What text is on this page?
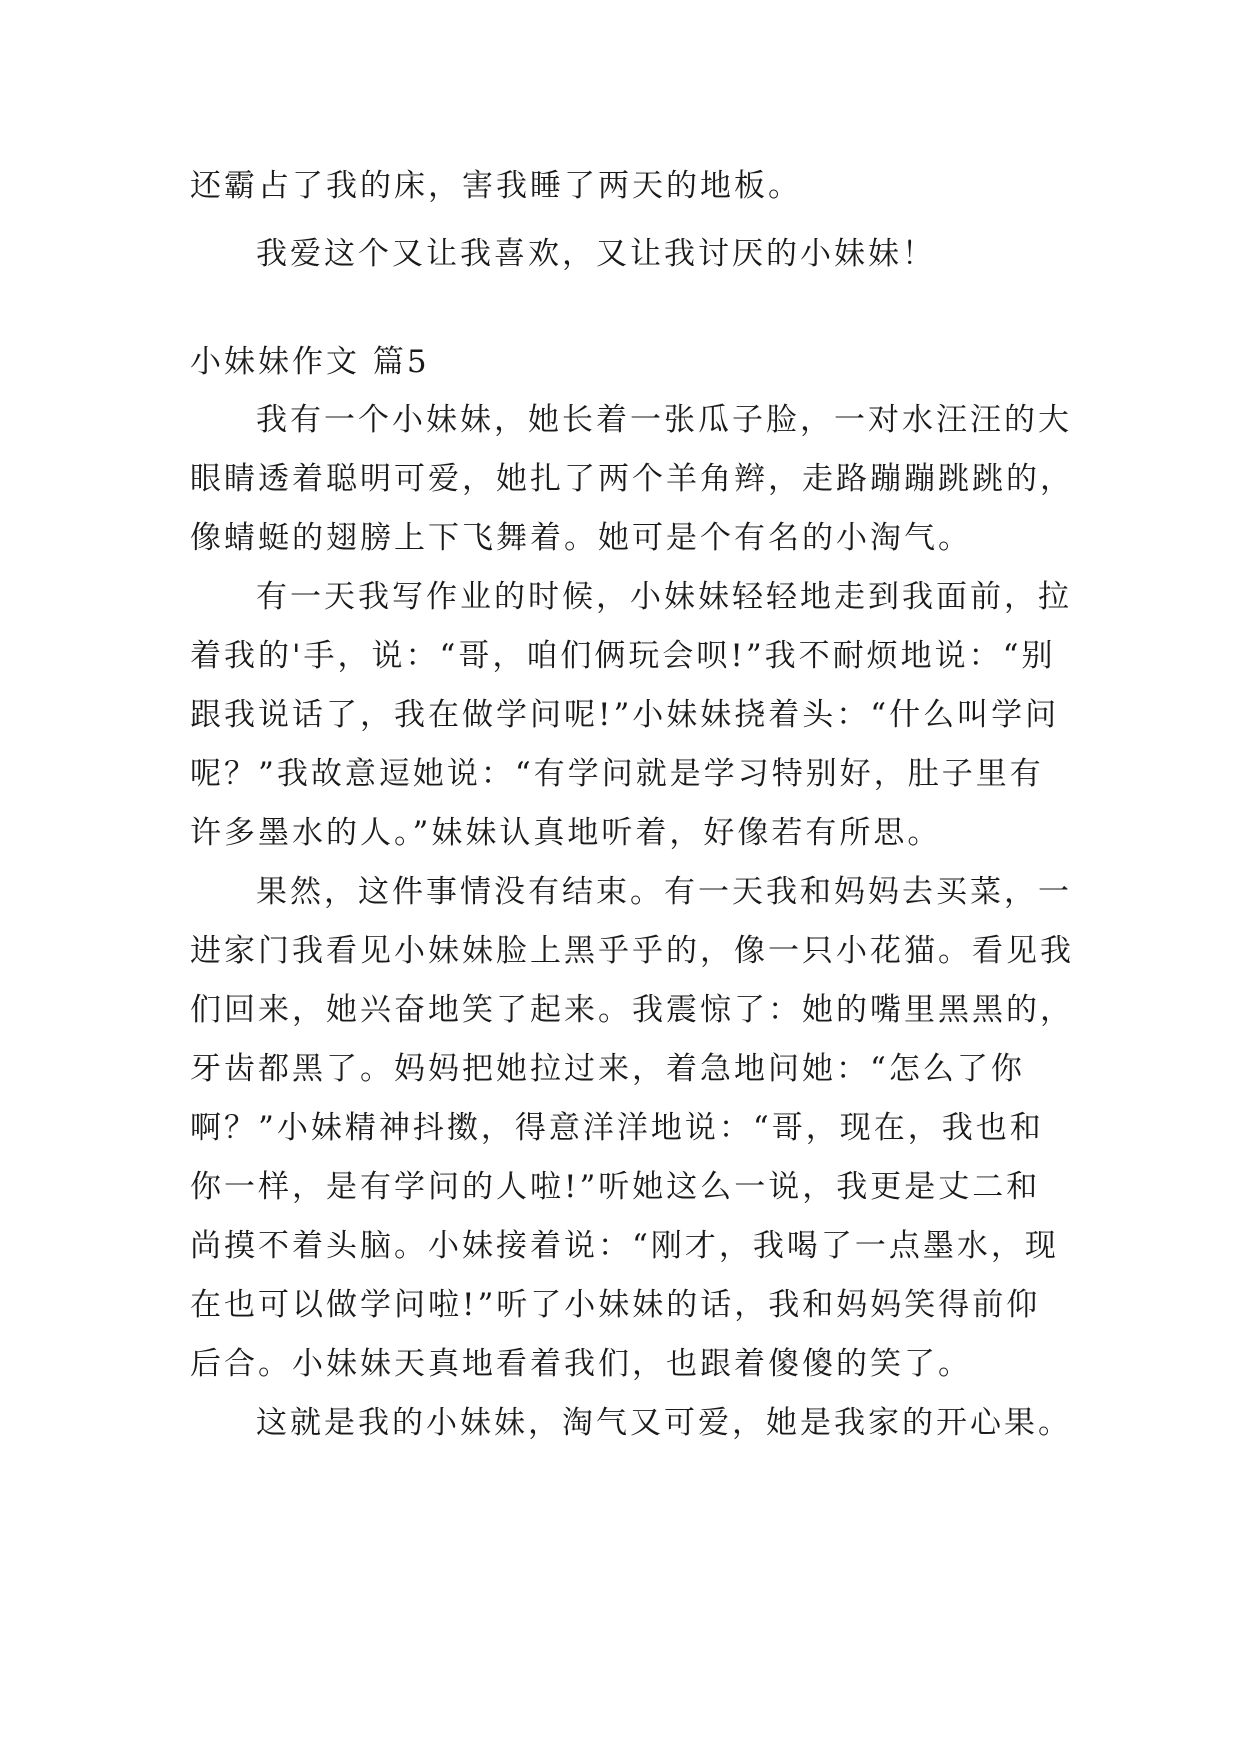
还霸占了我的床，害我睡了两天的地板。
我爱这个又让我喜欢，又让我讨厌的小妹妹！
小妹妹作文 篇5
我有一个小妹妹，她长着一张瓜子脸，一对水汪汪的大
眼睛透着聪明可爱，她扎了两个羊角辫，走路蹦蹦跳跳的，
像蜻蜓的翅膀上下飞舞着。她可是个有名的小淘气。
有一天我写作业的时候，小妹妹轻轻地走到我面前，拉
着我的'手，说：“哥，咱们俩玩会呗!”我不耐烦地说：“别
跟我说话了，我在做学问呢!”小妹妹挠着头：“什么叫学问
呢？”我故意逗她说：“有学问就是学习特别好，肚子里有
许多墨水的人。”妹妹认真地听着，好像若有所思。
果然，这件事情没有结束。有一天我和妈妈去买菜，一
进家门我看见小妹妹脸上黑乎乎的，像一只小花猫。看见我
们回来，她兴奋地笑了起来。我震惊了：她的嘴里黑黑的，
牙齿都黑了。妈妈把她拉过来，着急地问她：“怎么了你
啊？”小妹精神抖擞，得意洋洋地说：“哥，现在，我也和
你一样，是有学问的人啦!”听她这么一说，我更是丈二和
尚摸不着头脑。小妹接着说：“刚才，我喝了一点墨水，现
在也可以做学问啦!”听了小妹妹的话，我和妈妈笑得前仰
后合。小妹妹天真地看着我们，也跟着傻傻的笑了。
这就是我的小妹妹，淘气又可爱，她是我家的开心果。
